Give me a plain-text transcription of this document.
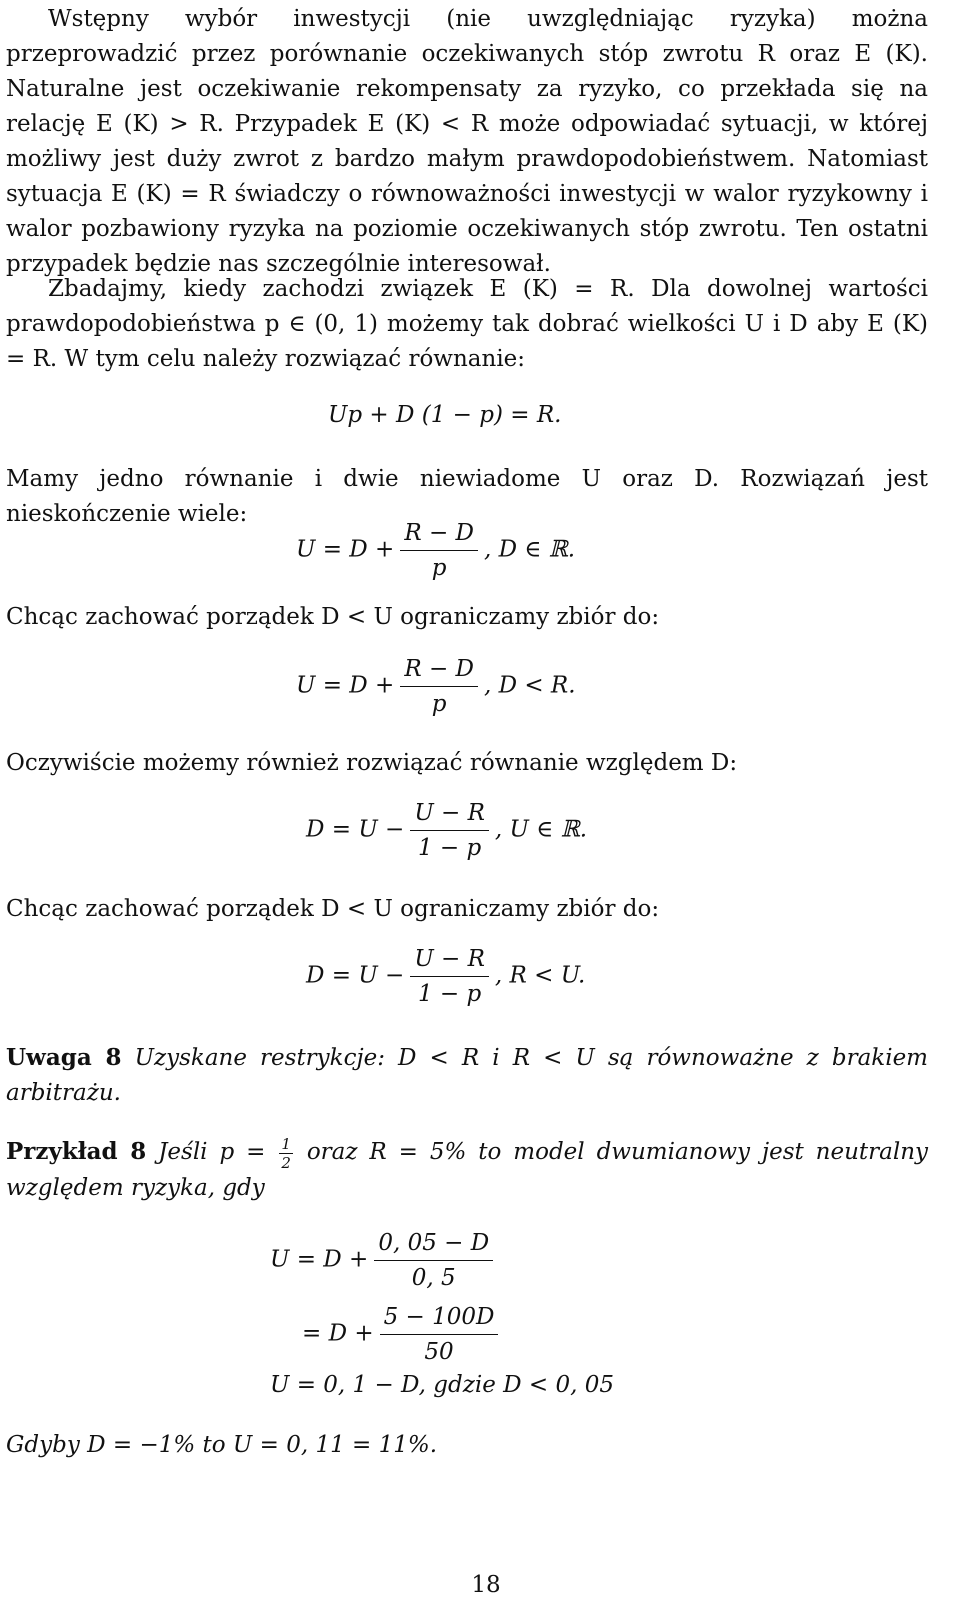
Wstępny wybór inwestycji (nie uwzględniając ryzyka) można przeprowadzić przez porównanie oczekiwanych stóp zwrotu R oraz E (K). Naturalne jest oczekiwanie rekompensaty za ryzyko, co przekłada się na relację E (K) > R. Przypadek E (K) < R może odpowiadać sytuacji, w której możliwy jest duży zwrot z bardzo małym prawdopodobieństwem. Natomiast sytuacja E (K) = R świadczy o równoważności inwestycji w walor ryzykowny i walor pozbawiony ryzyka na poziomie oczekiwanych stóp zwrotu. Ten ostatni przypadek będzie nas szczególnie interesował.
Zbadajmy, kiedy zachodzi związek E (K) = R. Dla dowolnej wartości prawdopodobieństwa p ∈ (0, 1) możemy tak dobrać wielkości U i D aby E (K) = R. W tym celu należy rozwiązać równanie:
Up + D (1 − p) = R.
Mamy jedno równanie i dwie niewiadome U oraz D. Rozwiązań jest nieskończenie wiele:
$U = D + \frac{R - D}{p}$ , D ∈ ℝ.
Chcąc zachować porządek D < U ograniczamy zbiór do:
$U = D + \frac{R - D}{p}$ , D < R.
Oczywiście możemy również rozwiązać równanie względem D:
$D = U - \frac{U - R}{1 - p}$ , U ∈ ℝ.
Chcąc zachować porządek D < U ograniczamy zbiór do:
$D = U - \frac{U - R}{1 - p}$ , R < U.
Uwaga 8 Uzyskane restrykcje: D < R i R < U są równoważne z brakiem arbitrażu.
Przykład 8 Jeśli $p = \frac{1}{2}$ oraz R = 5% to model dwumianowy jest neutralny względem ryzyka, gdy
$U = D + \frac{0, 05 - D}{0, 5}$
= $D + \frac{5 - 100D}{50}$
U = 0, 1 − D, gdzie D < 0, 05
Gdyby D = −1% to U = 0, 11 = 11%.
18
